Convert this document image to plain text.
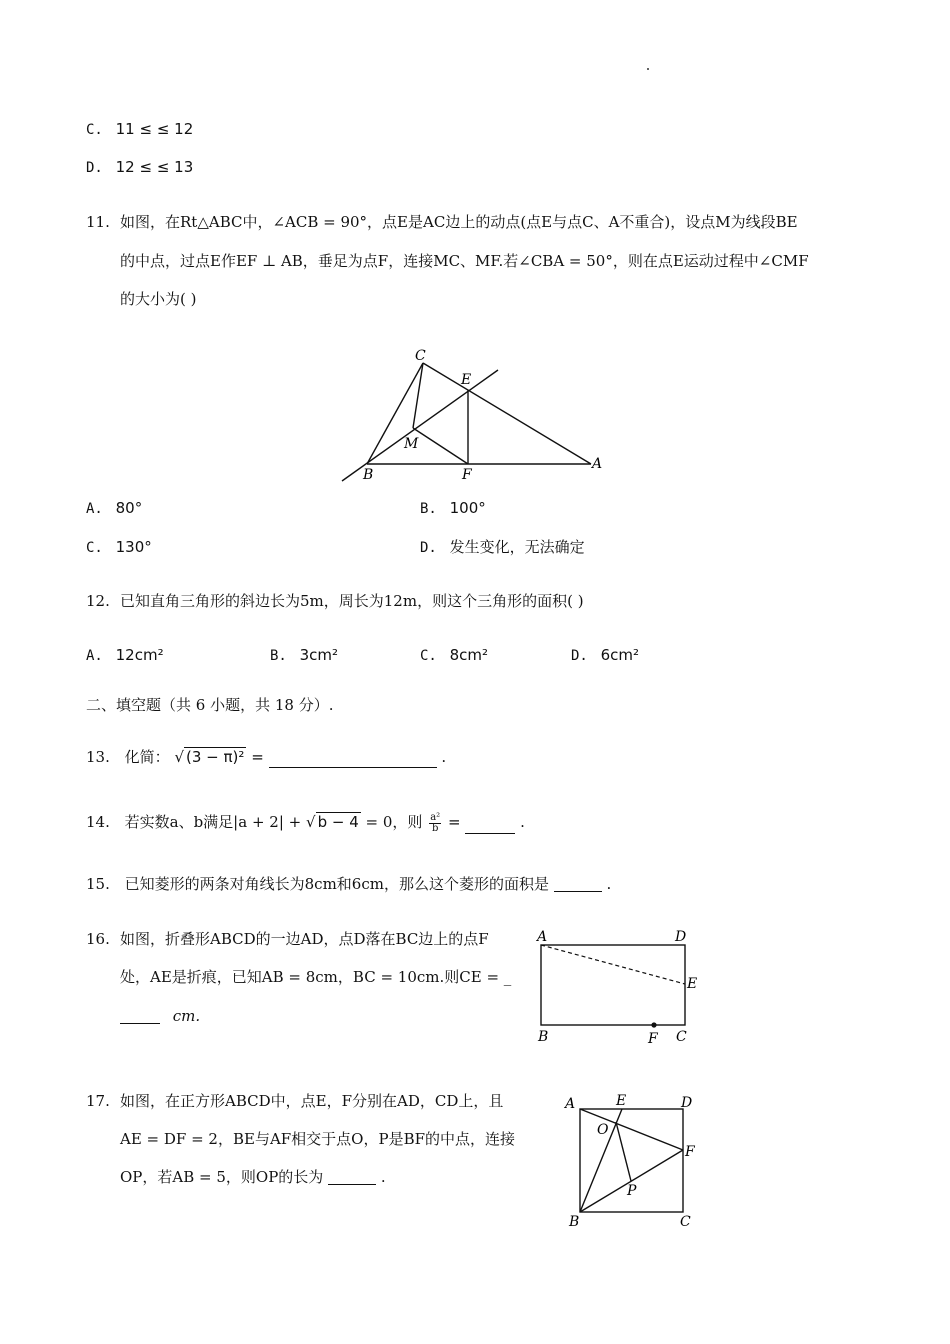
C. 11 ≤ ≤ 12
D. 12 ≤ ≤ 13
11. 如图，在Rt△ABC中，∠ACB = 90°，点E是AC边上的动点(点E与点C、A不重合)，设点M为线段BE
的中点，过点E作EF ⊥ AB，垂足为点F，连接MC、MF.若∠CBA = 50°，则在点E运动过程中∠CMF
的大小为( )
C
E
M
B	F
A
A. 80°	B. 100°
C. 130°	D. 发生变化，无法确定
12. 已知直角三角形的斜边长为5m，周长为12m，则这个三角形的面积( )
A. 12cm²	B. 3cm²	C. 8cm²	D. 6cm²
二、填空题（共 6 小题，共 18 分）.
13. 化简： √ (3 − π)² =	.
14. 若实数a、b满足|a + 2| + √ b − 4 = 0，则 $\frac{\text{a²}}{b}$ =	.
15. 已知菱形的两条对角线长为8cm和6cm，那么这个菱形的面积是	.
16. 如图，折叠形ABCD的一边AD，点D落在BC边上的点F
处，AE是折痕，已知AB = 8cm，BC = 10cm.则CE = _
cm.
A	D
E
B	F C
17. 如图，在正方形ABCD中，点E，F分别在AD，CD上，且
AE = DF = 2，BE与AF相交于点O，P是BF的中点，连接
OP，若AB = 5，则OP的长为	.
A	E	D
O
F
P
B	C
